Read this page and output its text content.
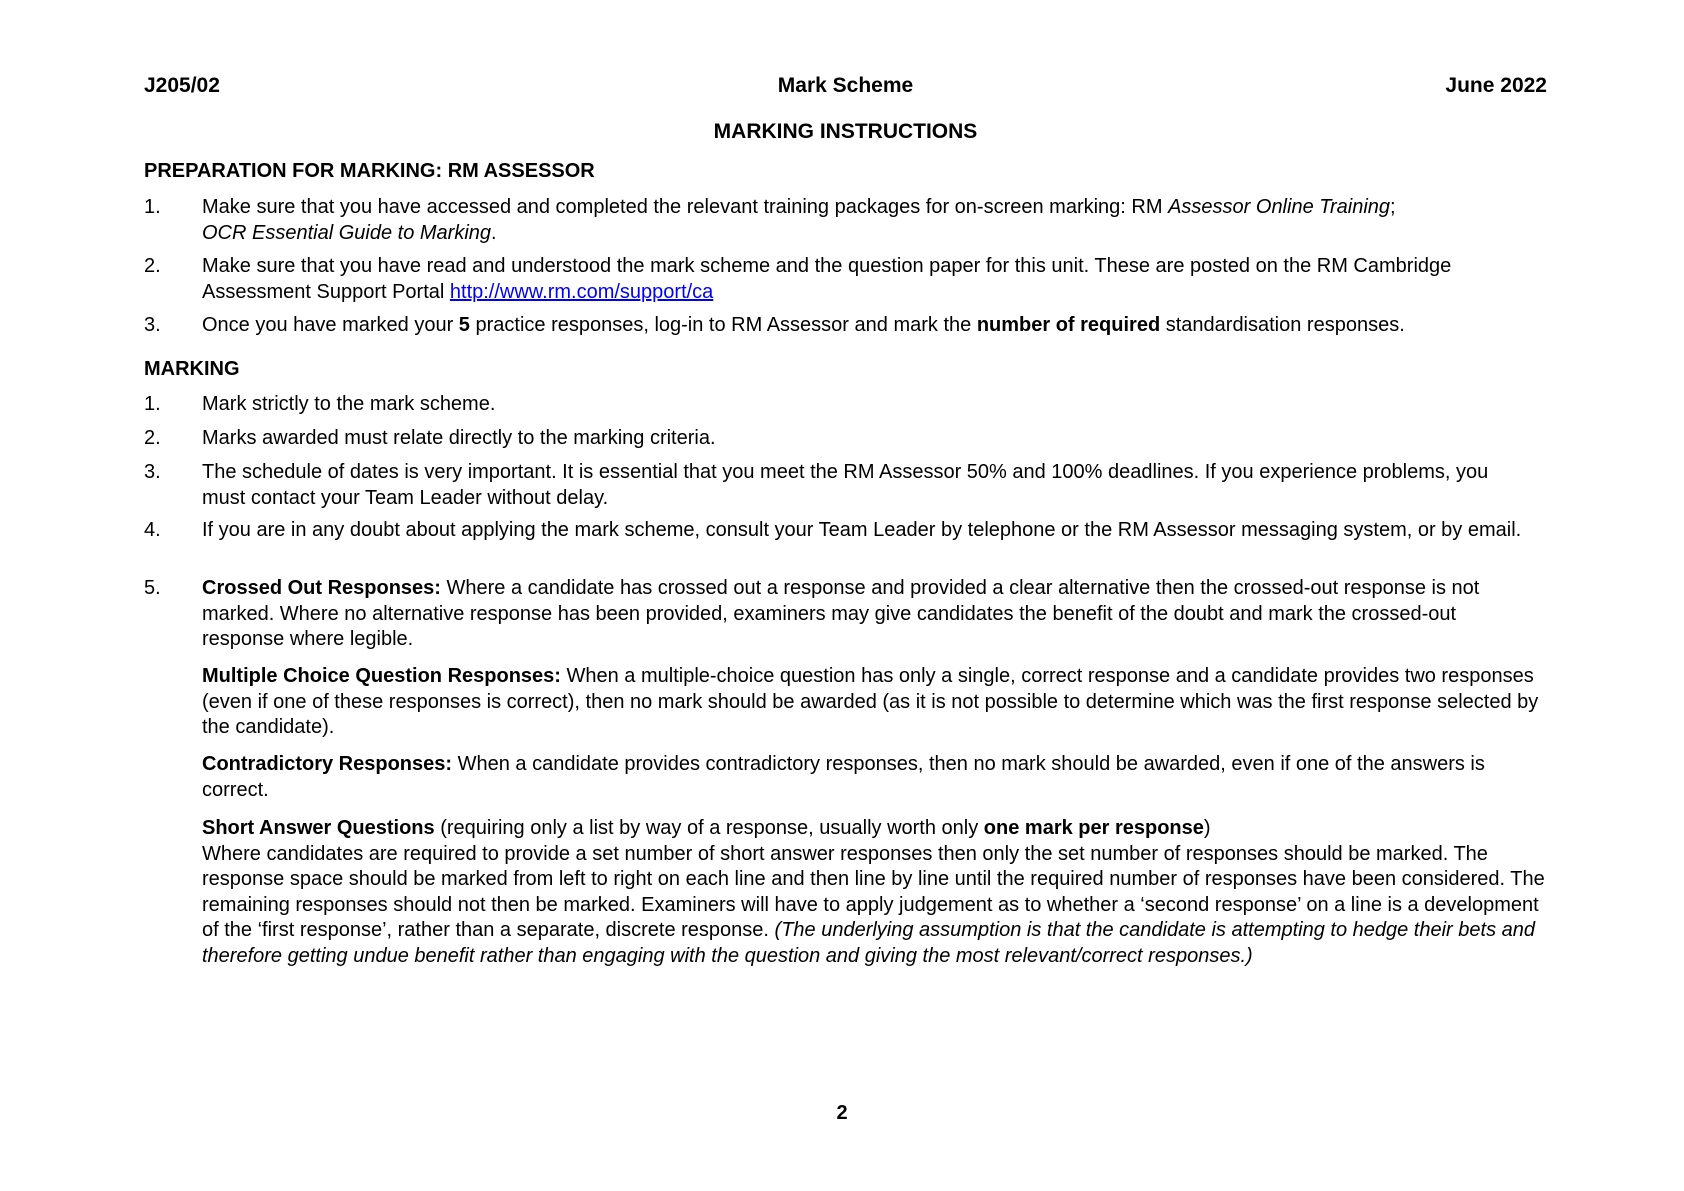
J205/02	Mark Scheme	June 2022
MARKING INSTRUCTIONS
PREPARATION FOR MARKING: RM ASSESSOR
1. Make sure that you have accessed and completed the relevant training packages for on-screen marking: RM Assessor Online Training;
OCR Essential Guide to Marking.
2. Make sure that you have read and understood the mark scheme and the question paper for this unit. These are posted on the RM Cambridge Assessment Support Portal http://www.rm.com/support/ca
3. Once you have marked your 5 practice responses, log-in to RM Assessor and mark the number of required standardisation responses.
MARKING
1. Mark strictly to the mark scheme.
2. Marks awarded must relate directly to the marking criteria.
3. The schedule of dates is very important. It is essential that you meet the RM Assessor 50% and 100% deadlines. If you experience problems, you must contact your Team Leader without delay.
4. If you are in any doubt about applying the mark scheme, consult your Team Leader by telephone or the RM Assessor messaging system, or by email.
5. Crossed Out Responses: Where a candidate has crossed out a response and provided a clear alternative then the crossed-out response is not marked. Where no alternative response has been provided, examiners may give candidates the benefit of the doubt and mark the crossed-out response where legible.
Multiple Choice Question Responses: When a multiple-choice question has only a single, correct response and a candidate provides two responses (even if one of these responses is correct), then no mark should be awarded (as it is not possible to determine which was the first response selected by the candidate).
Contradictory Responses: When a candidate provides contradictory responses, then no mark should be awarded, even if one of the answers is correct.
Short Answer Questions (requiring only a list by way of a response, usually worth only one mark per response)
Where candidates are required to provide a set number of short answer responses then only the set number of responses should be marked. The response space should be marked from left to right on each line and then line by line until the required number of responses have been considered. The remaining responses should not then be marked. Examiners will have to apply judgement as to whether a ‘second response’ on a line is a development of the ‘first response’, rather than a separate, discrete response. (The underlying assumption is that the candidate is attempting to hedge their bets and therefore getting undue benefit rather than engaging with the question and giving the most relevant/correct responses.)
2
